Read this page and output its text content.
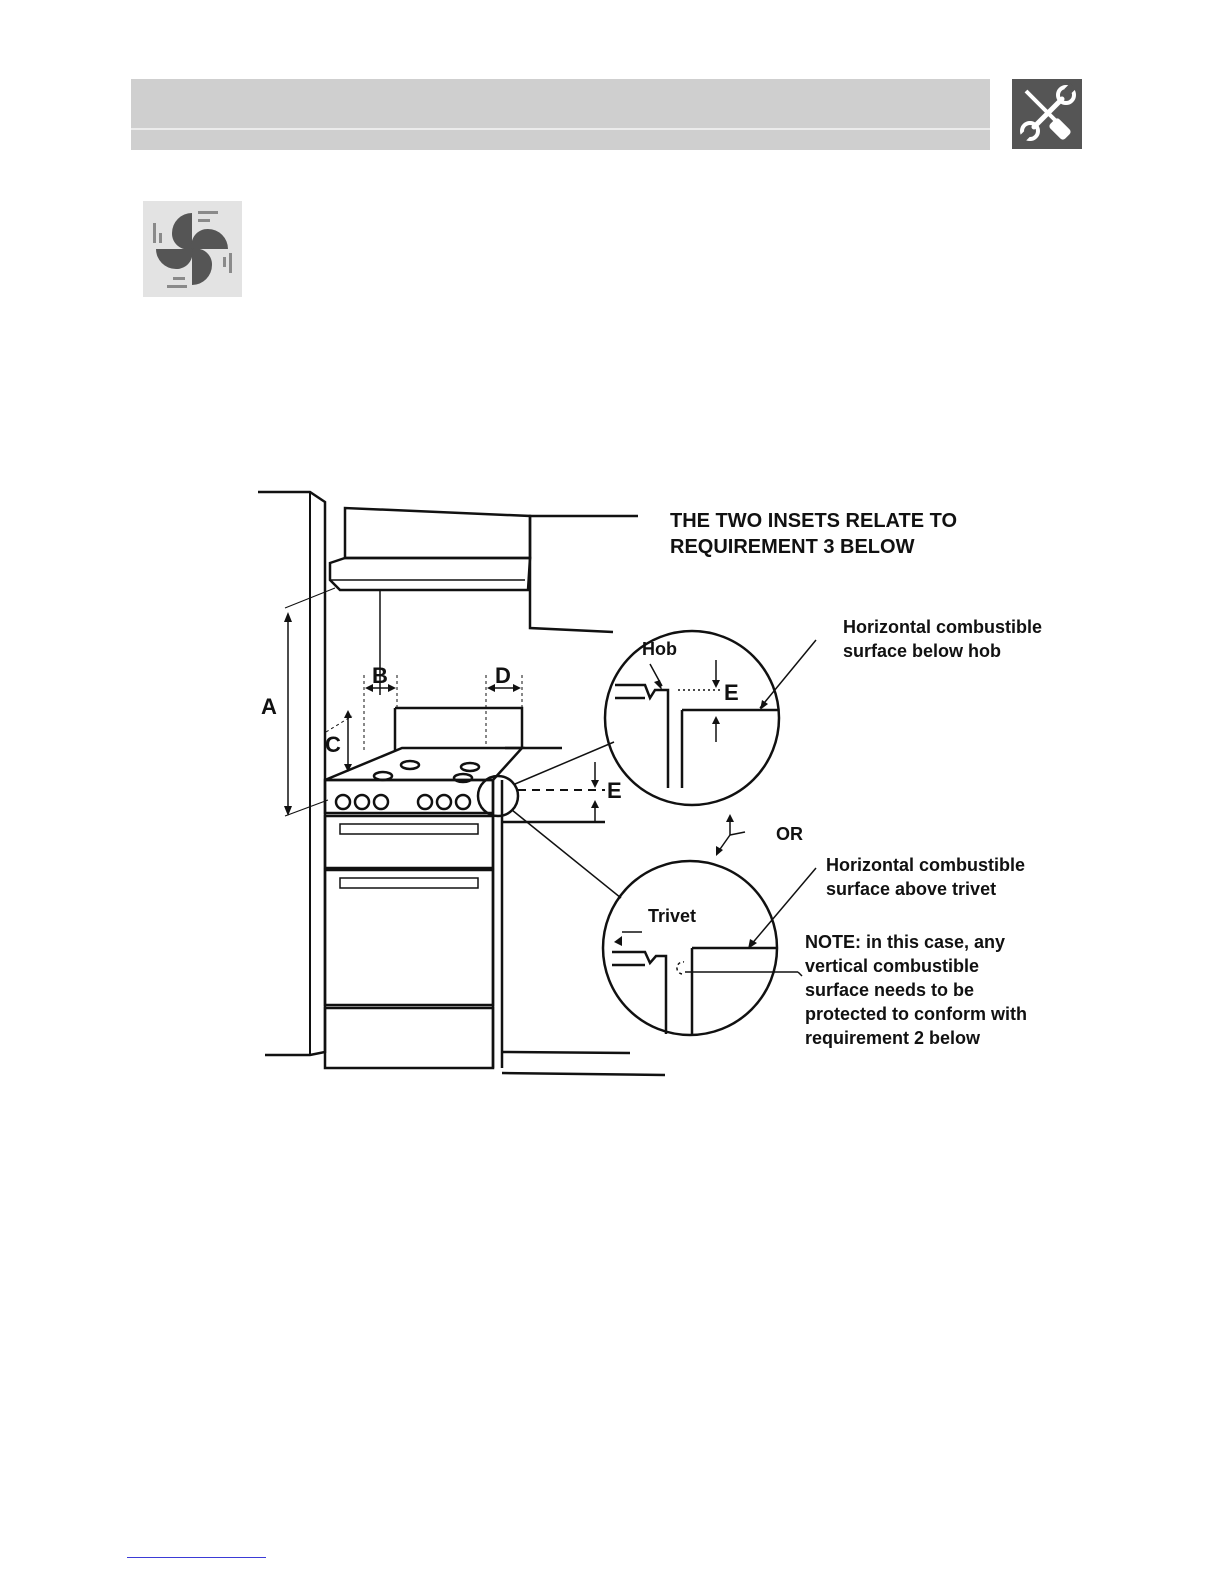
THE TWO INSETS RELATE TO
REQUIREMENT 3 BELOW
A
B
C
D
E
E
Hob
Trivet
OR
Horizontal combustible
surface below hob
Horizontal combustible
surface above trivet
NOTE: in this case, any
vertical combustible
surface needs to be
protected to conform with
requirement 2 below
